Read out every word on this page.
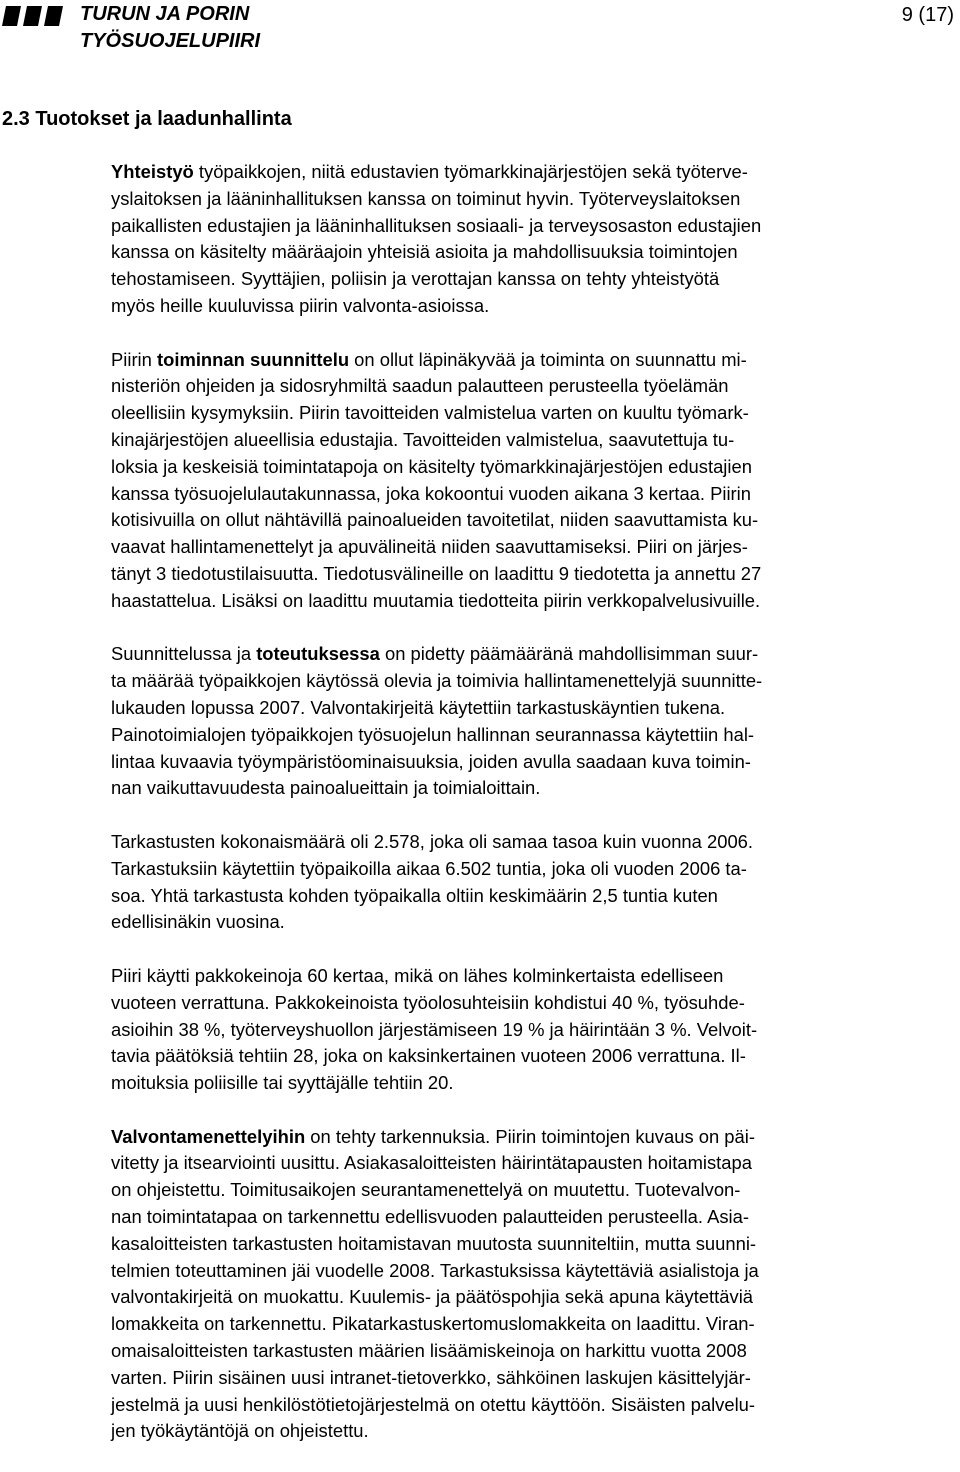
TURUN JA PORIN
TYÖSUOJELUPIIRI
9 (17)
2.3 Tuotokset ja laadunhallinta
Yhteistyö työpaikkojen, niitä edustavien työmarkkinajärjestöjen sekä työterve-
yslaitoksen ja lääninhallituksen kanssa on toiminut hyvin. Työterveyslaitoksen
paikallisten edustajien ja lääninhallituksen sosiaali- ja terveysosaston edustajien
kanssa on käsitelty määräajoin yhteisiä asioita ja mahdollisuuksia toimintojen
tehostamiseen. Syyttäjien, poliisin ja verottajan kanssa on tehty yhteistyötä
myös heille kuuluvissa piirin valvonta-asioissa.
Piirin toiminnan suunnittelu on ollut läpinäkyvää ja toiminta on suunnattu mi-
nisteriön ohjeiden ja sidosryhmiltä saadun palautteen perusteella työelämän
oleellisiin kysymyksiin. Piirin tavoitteiden valmistelua varten on kuultu työmark-
kinajärjestöjen alueellisia edustajia. Tavoitteiden valmistelua, saavutettuja tu-
loksia ja keskeisiä toimintatapoja on käsitelty työmarkkinajärjestöjen edustajien
kanssa työsuojelulautakunnassa, joka kokoontui vuoden aikana 3 kertaa. Piirin
kotisivuilla on ollut nähtävillä painoalueiden tavoitetilat, niiden saavuttamista ku-
vaavat hallintamenettelyt ja apuvälineitä niiden saavuttamiseksi. Piiri on järjes-
tänyt 3 tiedotustilaisuutta. Tiedotusvälineille on laadittu 9 tiedotetta ja annettu 27
haastattelua. Lisäksi on laadittu muutamia tiedotteita piirin verkkopalvelusivuille.
Suunnittelussa ja toteutuksessa on pidetty päämääränä mahdollisimman suur-
ta määrää työpaikkojen käytössä olevia ja toimivia hallintamenettelyjä suunnitte-
lukauden lopussa 2007. Valvontakirjeitä käytettiin tarkastuskäyntien tukena.
Painotoimialojen työpaikkojen työsuojelun hallinnan seurannassa käytettiin hal-
lintaa kuvaavia työympäristöominaisuuksia, joiden avulla saadaan kuva toimin-
nan vaikuttavuudesta painoalueittain ja toimialoittain.
Tarkastusten kokonaismäärä oli 2.578, joka oli samaa tasoa kuin vuonna 2006.
Tarkastuksiin käytettiin työpaikoilla aikaa 6.502 tuntia, joka oli vuoden 2006 ta-
soa. Yhtä tarkastusta kohden työpaikalla oltiin keskimäärin 2,5 tuntia kuten
edellisinäkin vuosina.
Piiri käytti pakkokeinoja 60 kertaa, mikä on lähes kolminkertaista edelliseen
vuoteen verrattuna. Pakkokeinoista työolosuhteisiin kohdistui 40 %, työsuhde-
asioihin 38 %, työterveyshuollon järjestämiseen 19 % ja häirintään 3 %. Velvoit-
tavia päätöksiä tehtiin 28, joka on kaksinkertainen vuoteen 2006 verrattuna. Il-
moituksia poliisille tai syyttäjälle tehtiin 20.
Valvontamenettelyihin on tehty tarkennuksia. Piirin toimintojen kuvaus on päi-
vitetty ja itsearviointi uusittu. Asiakasaloitteisten häirintätapausten hoitamistapa
on ohjeistettu. Toimitusaikojen seurantamenettelyä on muutettu. Tuotevalvon-
nan toimintatapaa on tarkennettu edellisvuoden palautteiden perusteella. Asia-
kasaloitteisten tarkastusten hoitamistavan muutosta suunniteltiin, mutta suunni-
telmien toteuttaminen jäi vuodelle 2008. Tarkastuksissa käytettäviä asialistoja ja
valvontakirjeitä on muokattu. Kuulemis- ja päätöspohjia sekä apuna käytettäviä
lomakkeita on tarkennettu. Pikatarkastuskertomuslomakkeita on laadittu. Viran-
omaisaloitteisten tarkastusten määrien lisäämiskeinoja on harkittu vuotta 2008
varten. Piirin sisäinen uusi intranet-tietoverkko, sähköinen laskujen käsittelyjär-
jestelmä ja uusi henkilöstötietojärjestelmä on otettu käyttöön. Sisäisten palvelu-
jen työkäytäntöjä on ohjeistettu.
